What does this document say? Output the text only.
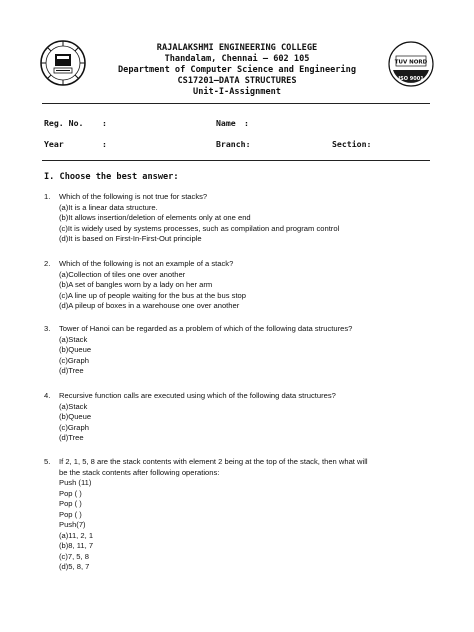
RAJALAKSHMI ENGINEERING COLLEGE
Thandalam, Chennai – 602 105
Department of Computer Science and Engineering
CS17201–DATA STRUCTURES
Unit-I-Assignment
TUV NORD
ISO 9001
Reg. No. :	Name :
Year	:	Branch:	Section:
I. Choose the best answer:
1. Which of the following is not true for stacks?
(a)It is a linear data structure.
(b)It allows insertion/deletion of elements only at one end
(c)It is widely used by systems processes, such as compilation and program control
(d)It is based on First-In-First-Out principle
2. Which of the following is not an example of a stack?
(a)Collection of tiles one over another
(b)A set of bangles worn by a lady on her arm
(c)A line up of people waiting for the bus at the bus stop
(d)A pileup of boxes in a warehouse one over another
3. Tower of Hanoi can be regarded as a problem of which of the following data structures?
(a)Stack
(b)Queue
(c)Graph
(d)Tree
4. Recursive function calls are executed using which of the following data structures?
(a)Stack
(b)Queue
(c)Graph
(d)Tree
5. If 2, 1, 5, 8 are the stack contents with element 2 being at the top of the stack, then what will
be the stack contents after following operations:
Push (11)
Pop ( )
Pop ( )
Pop ( )
Push(7)
(a)11, 2, 1
(b)8, 11, 7
(c)7, 5, 8
(d)5, 8, 7
